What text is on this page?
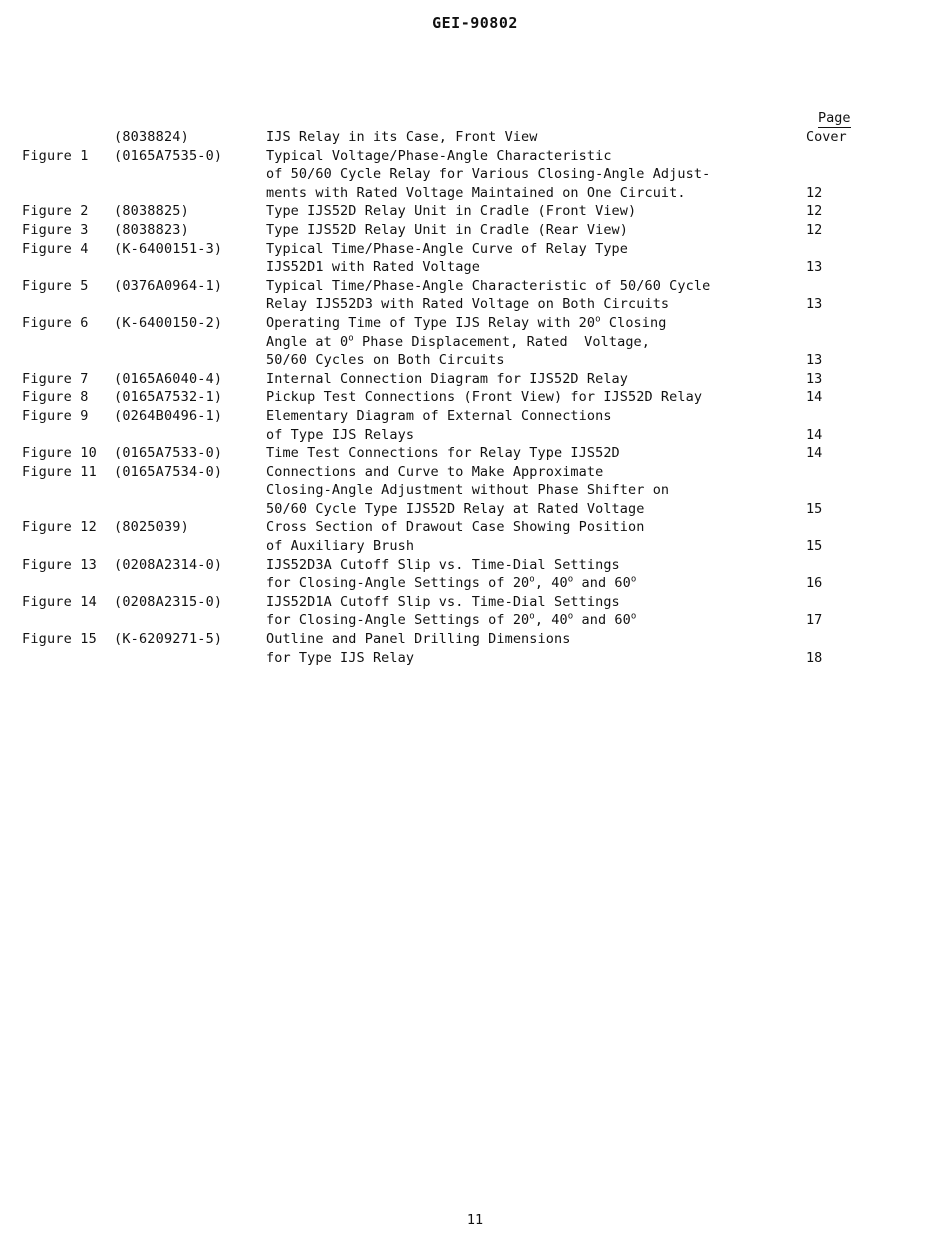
GEI-90802
Page
	(8038824)	IJS Relay in its Case, Front View	Cover
Figure 1	(0165A7535-0)	Typical Voltage/Phase-Angle Characteristic	
		of 50/60 Cycle Relay for Various Closing-Angle Adjust-	
		ments with Rated Voltage Maintained on One Circuit.	12
Figure 2	(8038825)	Type IJS52D Relay Unit in Cradle (Front View)	12
Figure 3	(8038823)	Type IJS52D Relay Unit in Cradle (Rear View)	12
Figure 4	(K-6400151-3)	Typical Time/Phase-Angle Curve of Relay Type	
		IJS52D1 with Rated Voltage	13
Figure 5	(0376A0964-1)	Typical Time/Phase-Angle Characteristic of 50/60 Cycle	
		Relay IJS52D3 with Rated Voltage on Both Circuits	13
Figure 6	(K-6400150-2)	Operating Time of Type IJS Relay with 20$^o$ Closing	
		Angle at 0$^o$ Phase Displacement, Rated  Voltage,	
		50/60 Cycles on Both Circuits	13
Figure 7	(0165A6040-4)	Internal Connection Diagram for IJS52D Relay	13
Figure 8	(0165A7532-1)	Pickup Test Connections (Front View) for IJS52D Relay	14
Figure 9	(0264B0496-1)	Elementary Diagram of External Connections	
		of Type IJS Relays	14
Figure 10	(0165A7533-0)	Time Test Connections for Relay Type IJS52D	14
Figure 11	(0165A7534-0)	Connections and Curve to Make Approximate	
		Closing-Angle Adjustment without Phase Shifter on	
		50/60 Cycle Type IJS52D Relay at Rated Voltage	15
Figure 12	(8025039)	Cross Section of Drawout Case Showing Position	
		of Auxiliary Brush	15
Figure 13	(0208A2314-0)	IJS52D3A Cutoff Slip vs. Time-Dial Settings	
		for Closing-Angle Settings of 20$^o$, 40$^o$ and 60$^o$	16
Figure 14	(0208A2315-0)	IJS52D1A Cutoff Slip vs. Time-Dial Settings	
		for Closing-Angle Settings of 20$^o$, 40$^o$ and 60$^o$	17
Figure 15	(K-6209271-5)	Outline and Panel Drilling Dimensions	
		for Type IJS Relay	18
11
